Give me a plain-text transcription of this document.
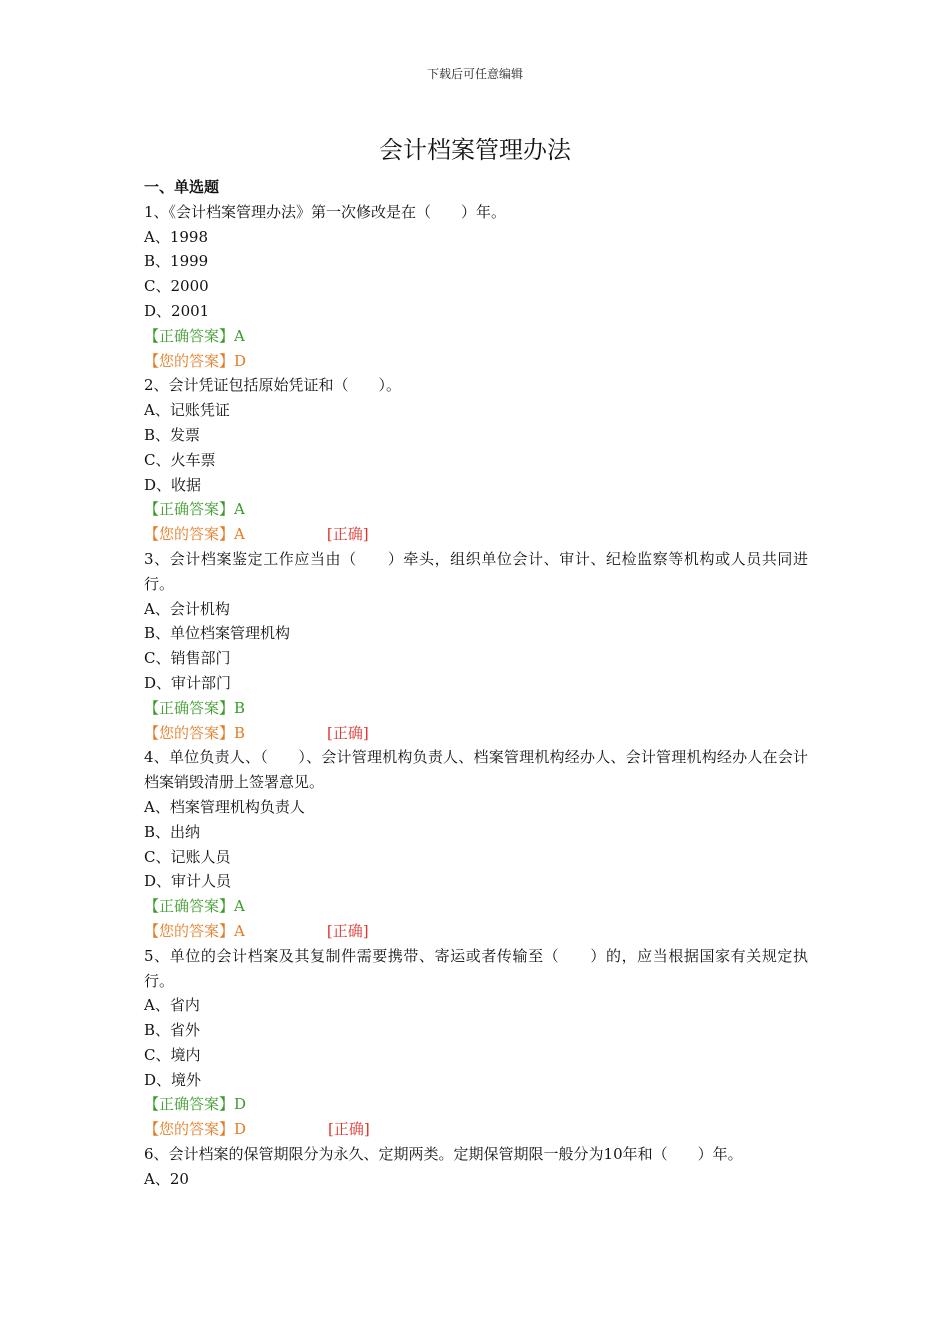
下载后可任意编辑
会计档案管理办法
一、单选题
1、《会计档案管理办法》第一次修改是在（　　）年。
A、1998
B、1999
C、2000
D、2001
【正确答案】A
【您的答案】D
2、会计凭证包括原始凭证和（　　）。
A、记账凭证
B、发票
C、火车票
D、收据
【正确答案】A
【您的答案】A	[正确]
3、会计档案鉴定工作应当由（　　）牵头，组织单位会计、审计、纪检监察等机构或人员共同进行。
A、会计机构
B、单位档案管理机构
C、销售部门
D、审计部门
【正确答案】B
【您的答案】B	[正确]
4、单位负责人、（　　）、会计管理机构负责人、档案管理机构经办人、会计管理机构经办人在会计档案销毁清册上签署意见。
A、档案管理机构负责人
B、出纳
C、记账人员
D、审计人员
【正确答案】A
【您的答案】A	[正确]
5、单位的会计档案及其复制件需要携带、寄运或者传输至（　　）的，应当根据国家有关规定执行。
A、省内
B、省外
C、境内
D、境外
【正确答案】D
【您的答案】D	[正确]
6、会计档案的保管期限分为永久、定期两类。定期保管期限一般分为10年和（　　）年。
A、20
